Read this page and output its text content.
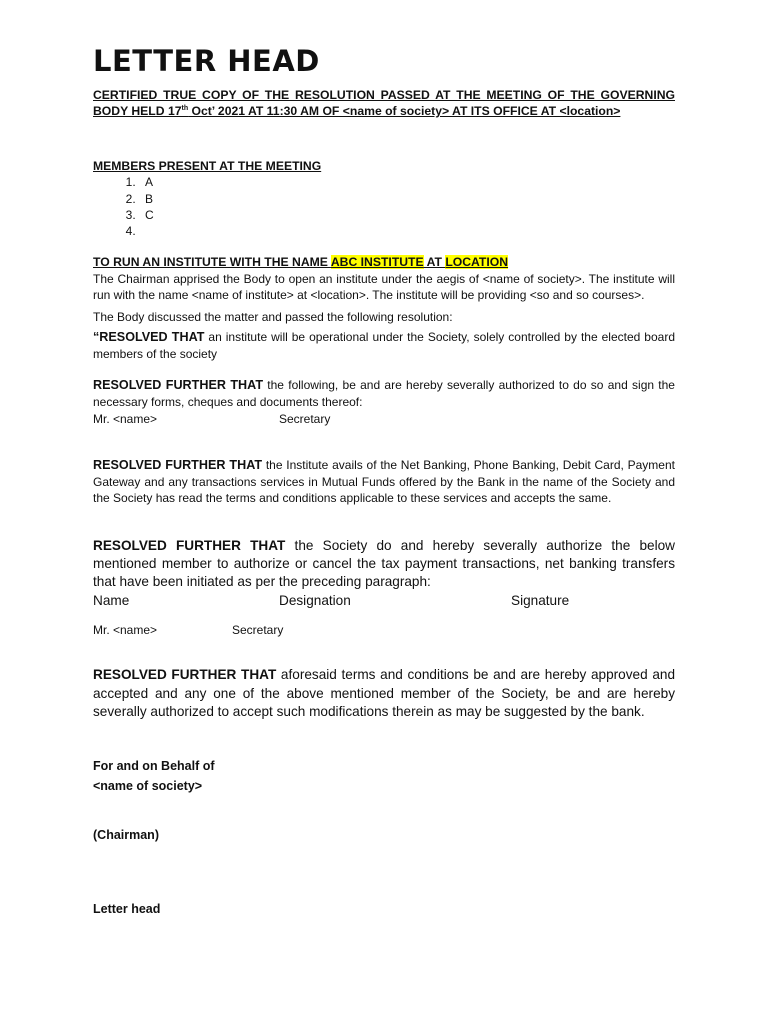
LETTER HEAD

CERTIFIED TRUE COPY OF THE RESOLUTION PASSED AT THE MEETING OF THE GOVERNING BODY HELD 17th Oct’ 2021 AT 11:30 AM OF <name of society> AT ITS OFFICE AT <location>

MEMBERS PRESENT AT THE MEETING

1. A
2. B
3. C
4.

TO RUN AN INSTITUTE WITH THE NAME ABC INSTITUTE AT LOCATION

The Chairman apprised the Body to open an institute under the aegis of <name of society>. The institute will run with the name <name of institute> at <location>. The institute will be providing <so and so courses>.

The Body discussed the matter and passed the following resolution:

“RESOLVED THAT an institute will be operational under the Society, solely controlled by the elected board members of the society

RESOLVED FURTHER THAT the following, be and are hereby severally authorized to do so and sign the necessary forms, cheques and documents thereof:

Mr. <name>	Secretary

RESOLVED FURTHER THAT the Institute avails of the Net Banking, Phone Banking, Debit Card, Payment Gateway and any transactions services in Mutual Funds offered by the Bank in the name of the Society and the Society has read the terms and conditions applicable to these services and accepts the same.

RESOLVED FURTHER THAT the Society do and hereby severally authorize the below mentioned member to authorize or cancel the tax payment transactions, net banking transfers that have been initiated as per the preceding paragraph:

Name	Designation	Signature
Mr. <name>	Secretary

RESOLVED FURTHER THAT aforesaid terms and conditions be and are hereby approved and accepted and any one of the above mentioned member of the Society, be and are hereby severally authorized to accept such modifications therein as may be suggested by the bank.

For and on Behalf of

<name of society>

(Chairman)

Letter head
